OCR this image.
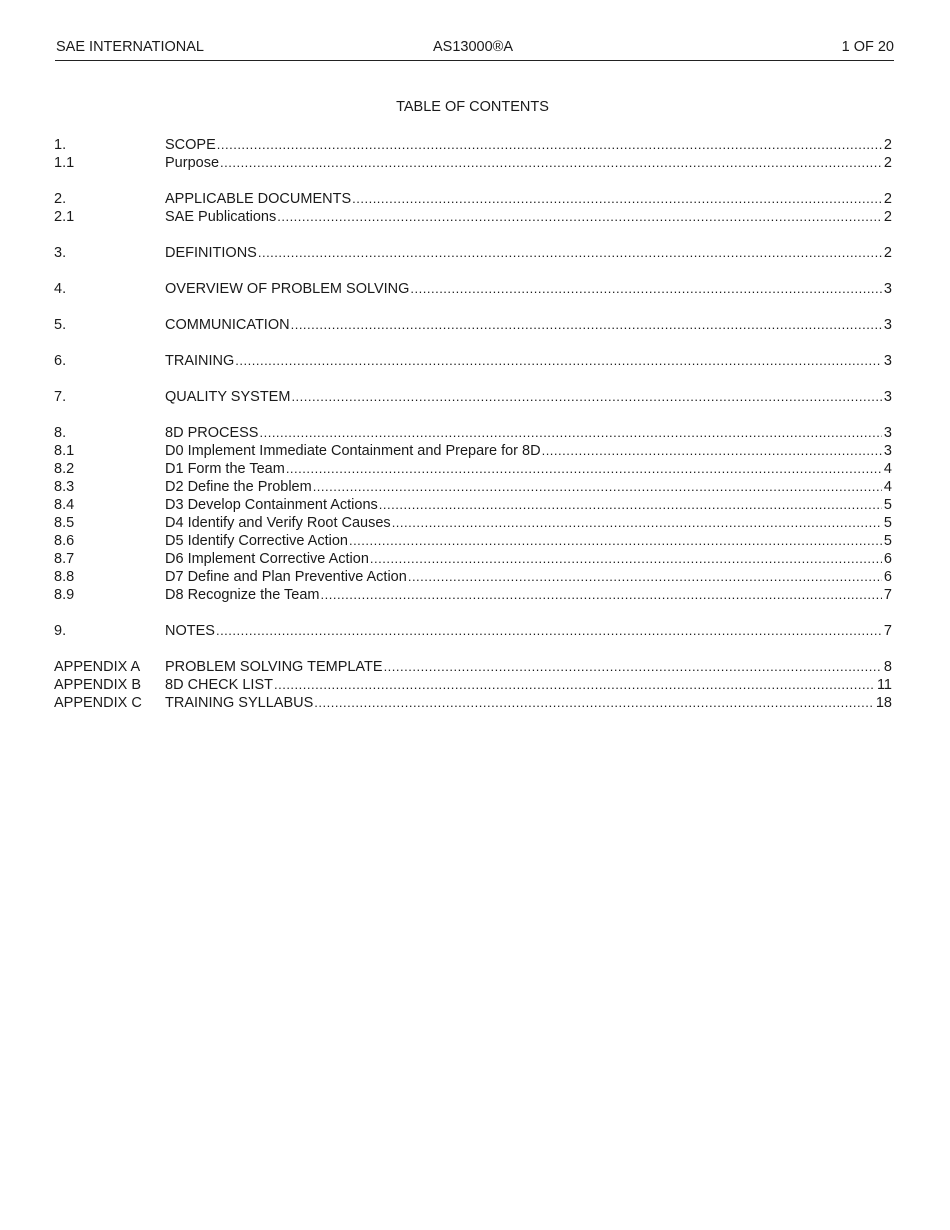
SAE INTERNATIONAL	AS13000®A	1 OF 20
TABLE OF CONTENTS
1.	SCOPE .....	2
1.1	Purpose .....	2
2.	APPLICABLE DOCUMENTS .....	2
2.1	SAE Publications .....	2
3.	DEFINITIONS .....	2
4.	OVERVIEW OF PROBLEM SOLVING .....	3
5.	COMMUNICATION .....	3
6.	TRAINING .....	3
7.	QUALITY SYSTEM .....	3
8.	8D PROCESS .....	3
8.1	D0 Implement Immediate Containment and Prepare for 8D .....	3
8.2	D1 Form the Team .....	4
8.3	D2 Define the Problem .....	4
8.4	D3 Develop Containment Actions .....	5
8.5	D4 Identify and Verify Root Causes .....	5
8.6	D5 Identify Corrective Action .....	5
8.7	D6 Implement Corrective Action .....	6
8.8	D7 Define and Plan Preventive Action .....	6
8.9	D8 Recognize the Team .....	7
9.	NOTES .....	7
APPENDIX A PROBLEM SOLVING TEMPLATE .....	8
APPENDIX B 8D CHECK LIST .....	11
APPENDIX C TRAINING SYLLABUS .....	18
